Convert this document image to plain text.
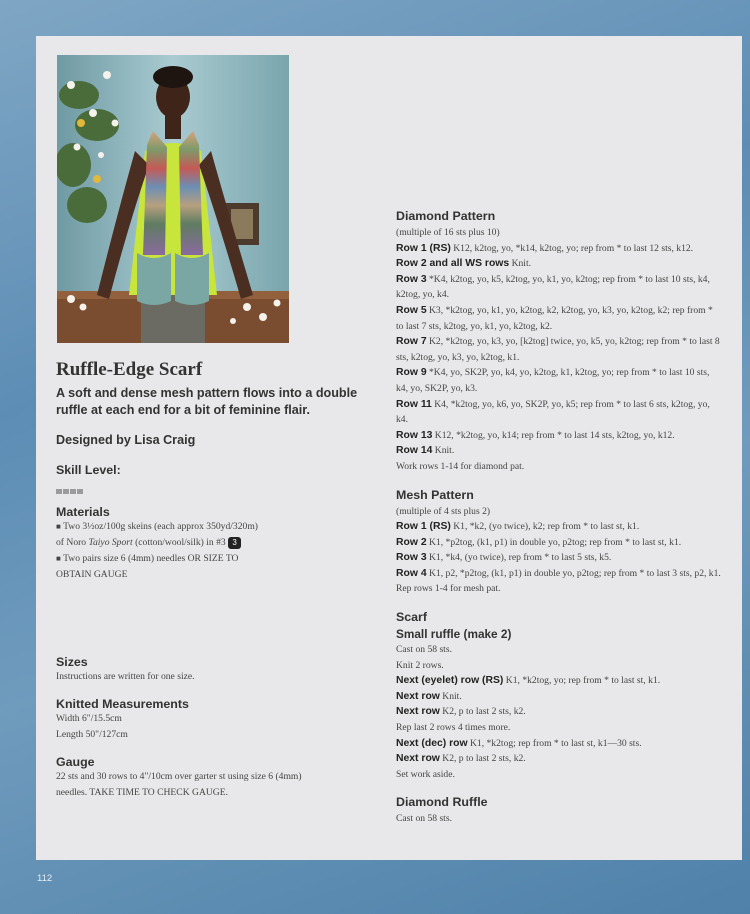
Ruffle-Edge Scarf

A soft and dense mesh pattern flows into a double ruffle at each end for a bit of feminine flair.

Designed by Lisa Craig

Skill Level:

Materials

■ Two 3½oz/100g skeins (each approx 350yd/320m)
of Noro Taiyo Sport (cotton/wool/silk) in #3 3

■ Two pairs size 6 (4mm) needles OR SIZE TO
OBTAIN GAUGE

Sizes

Instructions are written for one size.

Knitted Measurements

Width 6"/15.5cm

Length 50"/127cm

Gauge

22 sts and 30 rows to 4"/10cm over garter st using size 6 (4mm)
needles. TAKE TIME TO CHECK GAUGE.

Diamond Pattern

(multiple of 16 sts plus 10)

Row 1 (RS) K12, k2tog, yo, *k14, k2tog, yo; rep from * to last 12 sts, k12.

Row 2 and all WS rows Knit.

Row 3 *K4, k2tog, yo, k5, k2tog, yo, k1, yo, k2tog; rep from * to last 10 sts, k4, k2tog, yo, k4.

Row 5 K3, *k2tog, yo, k1, yo, k2tog, k2, k2tog, yo, k3, yo, k2tog, k2; rep from * to last 7 sts, k2tog, yo, k1, yo, k2tog, k2.

Row 7 K2, *k2tog, yo, k3, yo, [k2tog] twice, yo, k5, yo, k2tog; rep from * to last 8 sts, k2tog, yo, k3, yo, k2tog, k1.

Row 9 *K4, yo, SK2P, yo, k4, yo, k2tog, k1, k2tog, yo; rep from * to last 10 sts, k4, yo, SK2P, yo, k3.

Row 11 K4, *k2tog, yo, k6, yo, SK2P, yo, k5; rep from * to last 6 sts, k2tog, yo, k4.

Row 13 K12, *k2tog, yo, k14; rep from * to last 14 sts, k2tog, yo, k12.

Row 14 Knit.

Work rows 1-14 for diamond pat.

Mesh Pattern

(multiple of 4 sts plus 2)

Row 1 (RS) K1, *k2, (yo twice), k2; rep from * to last st, k1.

Row 2 K1, *p2tog, (k1, p1) in double yo, p2tog; rep from * to last st, k1.

Row 3 K1, *k4, (yo twice), rep from * to last 5 sts, k5.

Row 4 K1, p2, *p2tog, (k1, p1) in double yo, p2tog; rep from * to last 3 sts, p2, k1.

Rep rows 1-4 for mesh pat.

Scarf

Small ruffle (make 2)

Cast on 58 sts.

Knit 2 rows.

Next (eyelet) row (RS) K1, *k2tog, yo; rep from * to last st, k1.

Next row Knit.

Next row K2, p to last 2 sts, k2.

Rep last 2 rows 4 times more.

Next (dec) row K1, *k2tog; rep from * to last st, k1—30 sts.

Next row K2, p to last 2 sts, k2.

Set work aside.

Diamond Ruffle

Cast on 58 sts.

112
